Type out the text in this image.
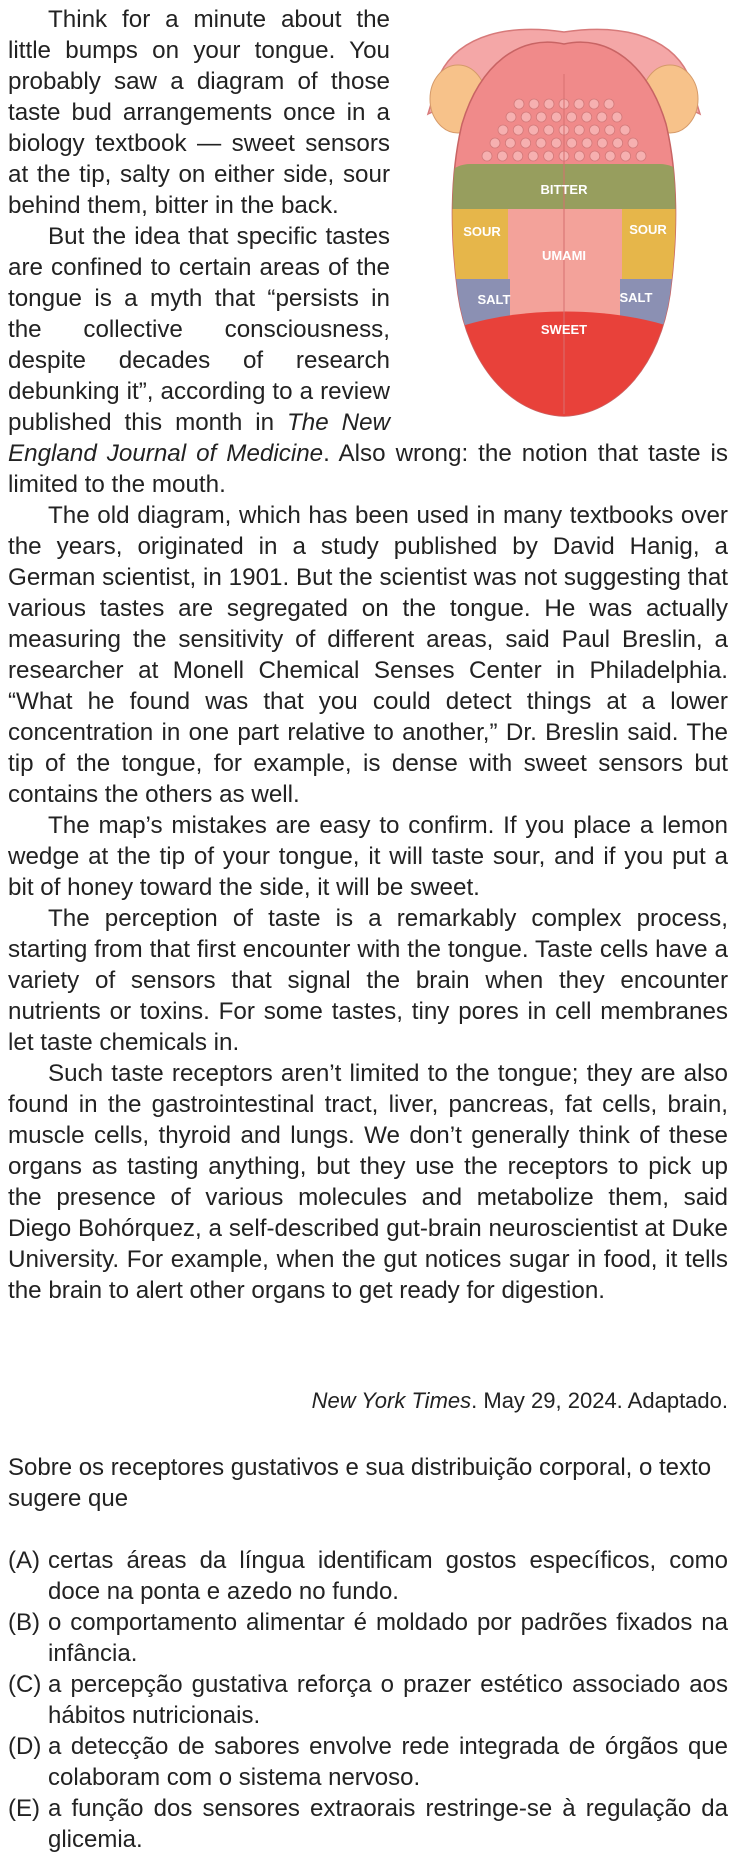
BITTER
SOUR	SOUR
UMAMI
SALT	SALT
SWEET

Think for a minute about the little bumps on your tongue. You probably saw a diagram of those taste bud arrangements once in a biology textbook — sweet sensors at the tip, salty on either side, sour behind them, bitter in the back.

But the idea that specific tastes are confined to certain areas of the tongue is a myth that “persists in the collective consciousness, despite decades of research debunking it”, according to a review published this month in The New England Journal of Medicine. Also wrong: the notion that taste is limited to the mouth.

The old diagram, which has been used in many textbooks over the years, originated in a study published by David Hanig, a German scientist, in 1901. But the scientist was not suggesting that various tastes are segregated on the tongue. He was actually measuring the sensitivity of different areas, said Paul Breslin, a researcher at Monell Chemical Senses Center in Philadelphia. “What he found was that you could detect things at a lower concentration in one part relative to another,” Dr. Breslin said. The tip of the tongue, for example, is dense with sweet sensors but contains the others as well.

The map’s mistakes are easy to confirm. If you place a lemon wedge at the tip of your tongue, it will taste sour, and if you put a bit of honey toward the side, it will be sweet.

The perception of taste is a remarkably complex process, starting from that first encounter with the tongue. Taste cells have a variety of sensors that signal the brain when they encounter nutrients or toxins. For some tastes, tiny pores in cell membranes let taste chemicals in.

Such taste receptors aren’t limited to the tongue; they are also found in the gastrointestinal tract, liver, pancreas, fat cells, brain, muscle cells, thyroid and lungs. We don’t generally think of these organs as tasting anything, but they use the receptors to pick up the presence of various molecules and metabolize them, said Diego Bohórquez, a self-described gut-brain neuroscientist at Duke University. For example, when the gut notices sugar in food, it tells the brain to alert other organs to get ready for digestion.

New York Times. May 29, 2024. Adaptado.

Sobre os receptores gustativos e sua distribuição corporal, o texto sugere que

(A) certas áreas da língua identificam gostos específicos, como doce na ponta e azedo no fundo.
(B) o comportamento alimentar é moldado por padrões fixados na infância.
(C) a percepção gustativa reforça o prazer estético associado aos hábitos nutricionais.
(D) a detecção de sabores envolve rede integrada de órgãos que colaboram com o sistema nervoso.
(E) a função dos sensores extraorais restringe-se à regulação da glicemia.
